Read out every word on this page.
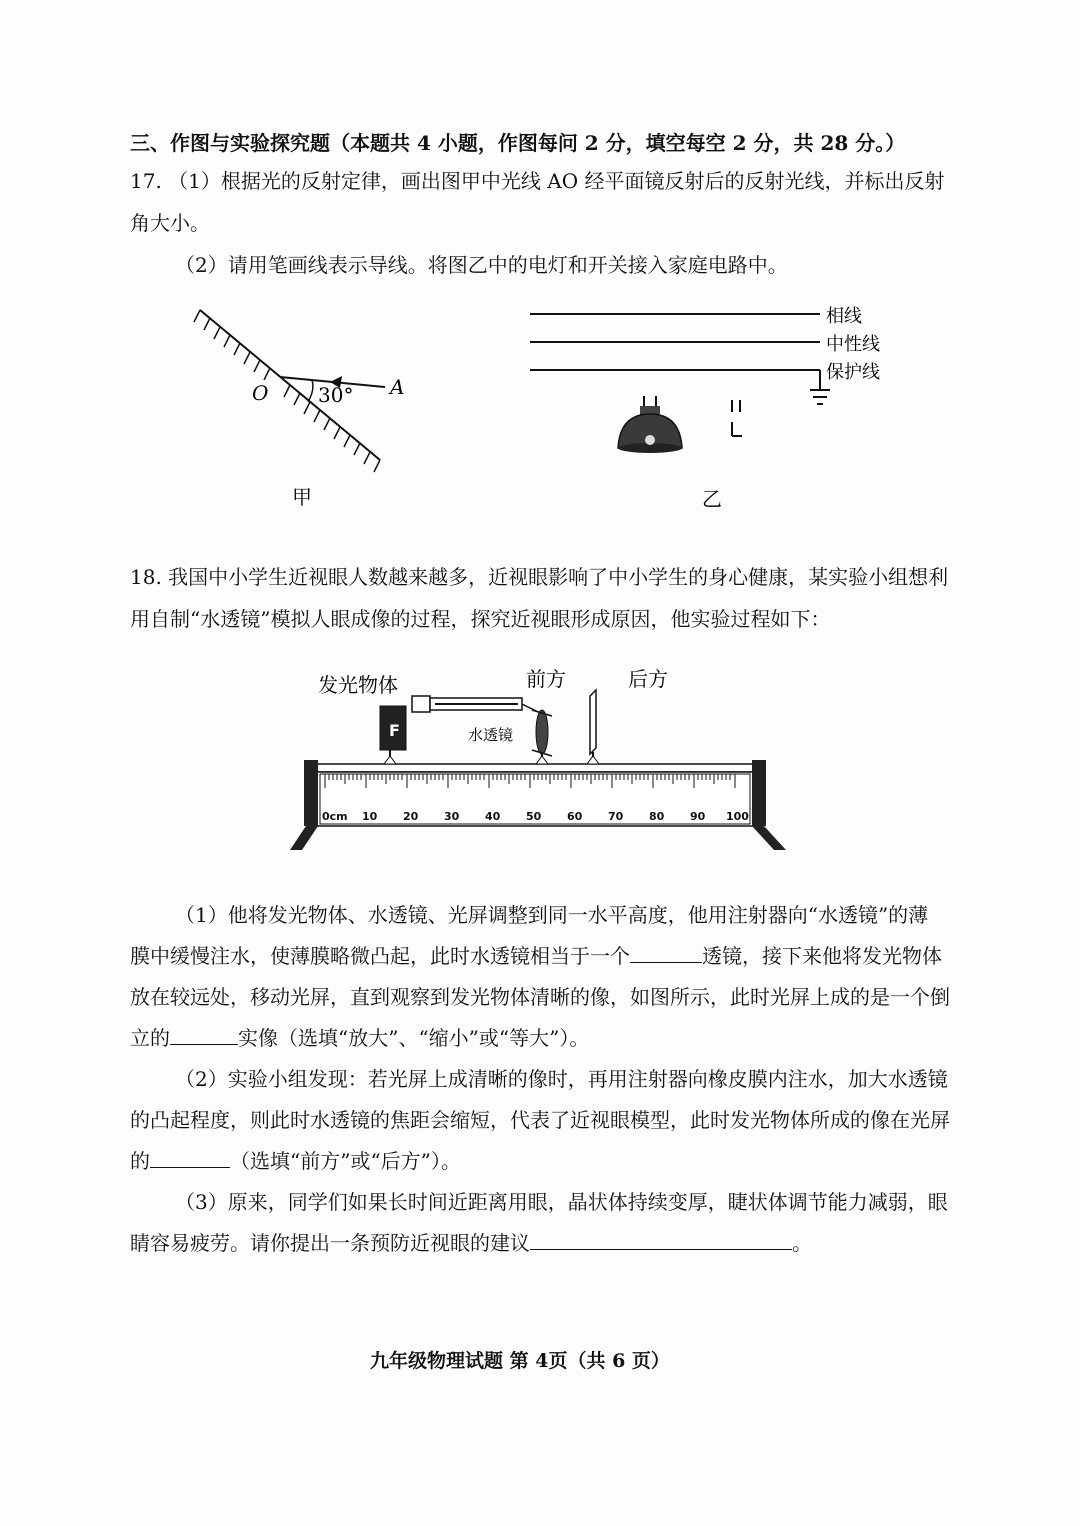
三、作图与实验探究题（本题共 4 小题，作图每问 2 分，填空每空 2 分，共 28 分。）
17. （1）根据光的反射定律，画出图甲中光线 AO 经平面镜反射后的反射光线，并标出反射
角大小。
（2）请用笔画线表示导线。将图乙中的电灯和开关接入家庭电路中。
O	A
30°
甲
相线
中性线
保护线
乙
18. 我国中小学生近视眼人数越来越多，近视眼影响了中小学生的身心健康，某实验小组想利
用自制“水透镜”模拟人眼成像的过程，探究近视眼形成原因，他实验过程如下：
发光物体	前方	后方
0cm 10 20 30 40 50 60 70 80 90 100
F	水透镜
（1）他将发光物体、水透镜、光屏调整到同一水平高度，他用注射器向“水透镜”的薄
膜中缓慢注水，使薄膜略微凸起，此时水透镜相当于一个	透镜，接下来他将发光物体
放在较远处，移动光屏，直到观察到发光物体清晰的像，如图所示，此时光屏上成的是一个倒
立的	实像（选填“放大”、“缩小”或“等大”）。
（2）实验小组发现：若光屏上成清晰的像时，再用注射器向橡皮膜内注水，加大水透镜
的凸起程度，则此时水透镜的焦距会缩短，代表了近视眼模型，此时发光物体所成的像在光屏
的	（选填“前方”或“后方”）。
（3）原来，同学们如果长时间近距离用眼，晶状体持续变厚，睫状体调节能力减弱，眼
睛容易疲劳。请你提出一条预防近视眼的建议	。
九年级物理试题 第 4页（共 6 页）
